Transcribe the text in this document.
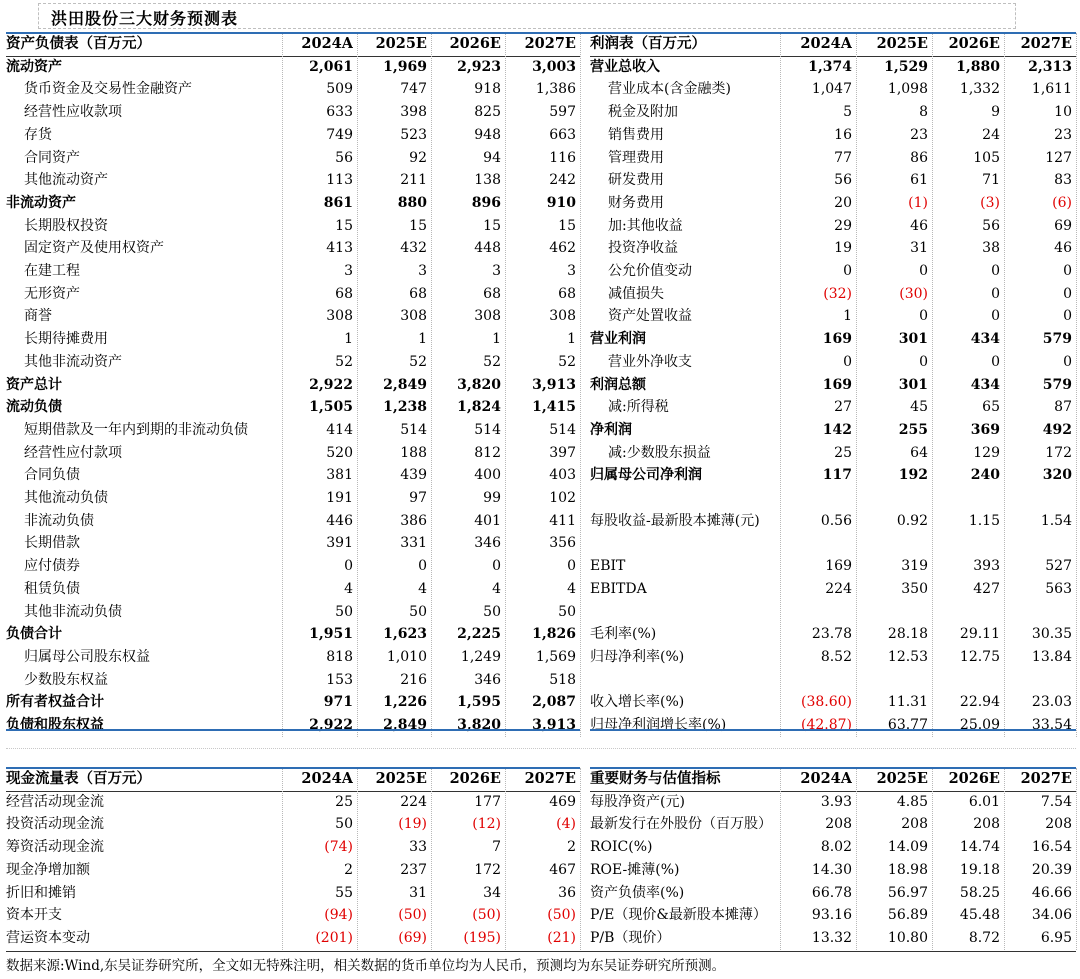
洪田股份三大财务预测表
资产负债表（百万元）	2024A	2025E	2026E	2027E
流动资产	2,061	1,969	2,923	3,003
货币资金及交易性金融资产	509	747	918	1,386
经营性应收款项	633	398	825	597
存货	749	523	948	663
合同资产	56	92	94	116
其他流动资产	113	211	138	242
非流动资产	861	880	896	910
长期股权投资	15	15	15	15
固定资产及使用权资产	413	432	448	462
在建工程	3	3	3	3
无形资产	68	68	68	68
商誉	308	308	308	308
长期待摊费用	1	1	1	1
其他非流动资产	52	52	52	52
资产总计	2,922	2,849	3,820	3,913
流动负债	1,505	1,238	1,824	1,415
短期借款及一年内到期的非流动负债	414	514	514	514
经营性应付款项	520	188	812	397
合同负债	381	439	400	403
其他流动负债	191	97	99	102
非流动负债	446	386	401	411
长期借款	391	331	346	356
应付债券	0	0	0	0
租赁负债	4	4	4	4
其他非流动负债	50	50	50	50
负债合计	1,951	1,623	2,225	1,826
归属母公司股东权益	818	1,010	1,249	1,569
少数股东权益	153	216	346	518
所有者权益合计	971	1,226	1,595	2,087
负债和股东权益	2,922	2,849	3,820	3,913
利润表（百万元）	2024A	2025E	2026E	2027E
营业总收入	1,374	1,529	1,880	2,313
营业成本(含金融类)	1,047	1,098	1,332	1,611
税金及附加	5	8	9	10
销售费用	16	23	24	23
管理费用	77	86	105	127
研发费用	56	61	71	83
财务费用	20	(1)	(3)	(6)
加:其他收益	29	46	56	69
投资净收益	19	31	38	46
公允价值变动	0	0	0	0
减值损失	(32)	(30)	0	0
资产处置收益	1	0	0	0
营业利润	169	301	434	579
营业外净收支	0	0	0	0
利润总额	169	301	434	579
减:所得税	27	45	65	87
净利润	142	255	369	492
减:少数股东损益	25	64	129	172
归属母公司净利润	117	192	240	320
每股收益-最新股本摊薄(元)	0.56	0.92	1.15	1.54
EBIT	169	319	393	527
EBITDA	224	350	427	563
毛利率(%)	23.78	28.18	29.11	30.35
归母净利率(%)	8.52	12.53	12.75	13.84
收入增长率(%)	(38.60)	11.31	22.94	23.03
归母净利润增长率(%)	(42.87)	63.77	25.09	33.54
现金流量表（百万元）	2024A	2025E	2026E	2027E
经营活动现金流	25	224	177	469
投资活动现金流	50	(19)	(12)	(4)
筹资活动现金流	(74)	33	7	2
现金净增加额	2	237	172	467
折旧和摊销	55	31	34	36
资本开支	(94)	(50)	(50)	(50)
营运资本变动	(201)	(69)	(195)	(21)
重要财务与估值指标	2024A	2025E	2026E	2027E
每股净资产(元)	3.93	4.85	6.01	7.54
最新发行在外股份（百万股）	208	208	208	208
ROIC(%)	8.02	14.09	14.74	16.54
ROE-摊薄(%)	14.30	18.98	19.18	20.39
资产负债率(%)	66.78	56.97	58.25	46.66
P/E（现价&最新股本摊薄）	93.16	56.89	45.48	34.06
P/B（现价）	13.32	10.80	8.72	6.95
数据来源:Wind,东吴证券研究所，全文如无特殊注明，相关数据的货币单位均为人民币，预测均为东吴证券研究所预测。
